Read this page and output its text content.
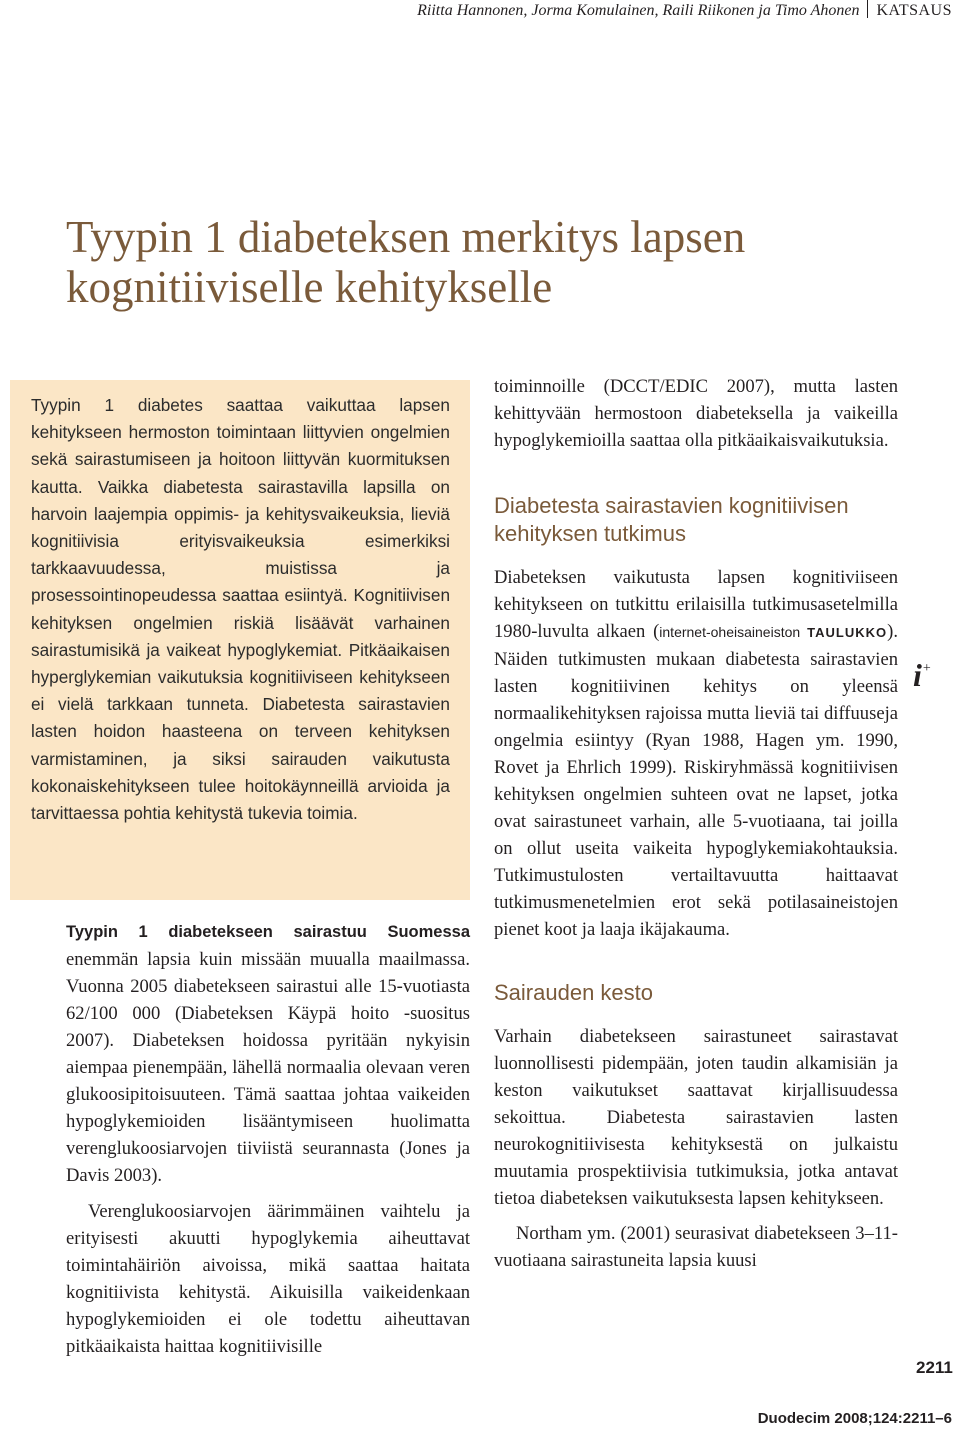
Riitta Hannonen, Jorma Komulainen, Raili Riikonen ja Timo Ahonen KATSAUS
Tyypin 1 diabeteksen merkitys lapsen kognitiiviselle kehitykselle

Tyypin 1 diabetes saattaa vaikuttaa lapsen kehitykseen hermoston toimintaan liittyvien ongelmien sekä sairastumiseen ja hoitoon liittyvän kuormituksen kautta. Vaikka diabetesta sairastavilla lapsilla on harvoin laajempia oppimis- ja kehitysvaikeuksia, lieviä kognitiivisia erityisvaikeuksia esimerkiksi tarkkaavuudessa, muistissa ja prosessointinopeudessa saattaa esiintyä. Kognitiivisen kehityksen ongelmien riskiä lisäävät varhainen sairastumisikä ja vaikeat hypoglykemiat. Pitkäaikaisen hyperglykemian vaikutuksia kognitiiviseen kehitykseen ei vielä tarkkaan tunneta. Diabetesta sairastavien lasten hoidon haasteena on terveen kehityksen varmistaminen, ja siksi sairauden vaikutusta kokonaiskehitykseen tulee hoitokäynneillä arvioida ja tarvittaessa pohtia kehitystä tukevia toimia.

Tyypin 1 diabetekseen sairastuu Suomessa enemmän lapsia kuin missään muualla maailmassa. Vuonna 2005 diabetekseen sairastui alle 15-vuotiasta 62/100 000 (Diabeteksen Käypä hoito -suositus 2007). Diabeteksen hoidossa pyritään nykyisin aiempaa pienempään, lähellä normaalia olevaan veren glukoosipitoisuuteen. Tämä saattaa johtaa vaikeiden hypoglykemioiden lisääntymiseen huolimatta verenglukoosiarvojen tiiviistä seurannasta (Jones ja Davis 2003).

Verenglukoosiarvojen äärimmäinen vaihtelu ja erityisesti akuutti hypoglykemia aiheuttavat toimintahäiriön aivoissa, mikä saattaa haitata kognitiivista kehitystä. Aikuisilla vaikeidenkaan hypoglykemioiden ei ole todettu aiheuttavan pitkäaikaista haittaa kognitiivisille

toiminnoille (DCCT/EDIC 2007), mutta lasten kehittyvään hermostoon diabeteksella ja vaikeilla hypoglykemioilla saattaa olla pitkäaikaisvaikutuksia.

Diabetesta sairastavien kognitiivisen kehityksen tutkimus

Diabeteksen vaikutusta lapsen kognitiviiseen kehitykseen on tutkittu erilaisilla tutkimusasetelmilla 1980-luvulta alkaen (internet-oheisaineiston TAULUKKO). Näiden tutkimusten mukaan diabetesta sairastavien lasten kognitiivinen kehitys on yleensä normaalikehityksen rajoissa mutta lieviä tai diffuuseja ongelmia esiintyy (Ryan 1988, Hagen ym. 1990, Rovet ja Ehrlich 1999). Riskiryhmässä kognitiivisen kehityksen ongelmien suhteen ovat ne lapset, jotka ovat sairastuneet varhain, alle 5-vuotiaana, tai joilla on ollut useita vaikeita hypoglykemiakohtauksia. Tutkimustulosten vertailtavuutta haittaavat tutkimusmenetelmien erot sekä potilasaineistojen pienet koot ja laaja ikäjakauma.

Sairauden kesto

Varhain diabetekseen sairastuneet sairastavat luonnollisesti pidempään, joten taudin alkamisiän ja keston vaikutukset saattavat kirjallisuudessa sekoittua. Diabetesta sairastavien lasten neurokognitiivisesta kehityksestä on julkaistu muutamia prospektiivisia tutkimuksia, jotka antavat tietoa diabeteksen vaikutuksesta lapsen kehitykseen.

Northam ym. (2001) seurasivat diabetekseen 3–11-vuotiaana sairastuneita lapsia kuusi

i+
2211
Duodecim 2008;124:2211–6
